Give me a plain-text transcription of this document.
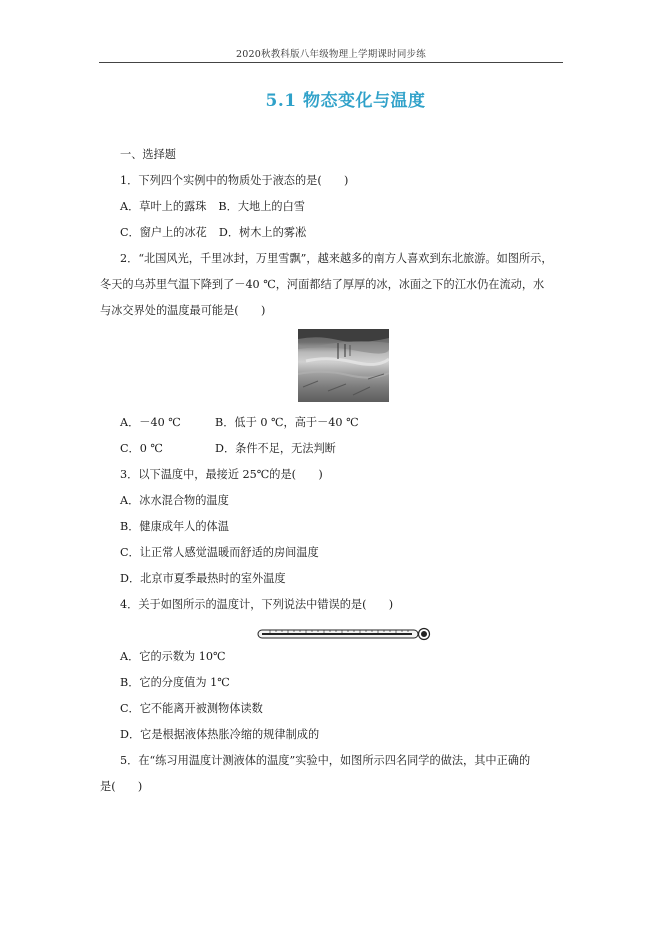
2020秋教科版八年级物理上学期课时同步练
5.1 物态变化与温度
一、选择题
1．下列四个实例中的物质处于液态的是(　　)
A．草叶上的露珠 B．大地上的白雪
C．窗户上的冰花 D．树木上的雾凇
2．“北国风光，千里冰封，万里雪飘”，越来越多的南方人喜欢到东北旅游。如图所示，
冬天的乌苏里气温下降到了－40 ℃，河面都结了厚厚的冰，冰面之下的江水仍在流动，水
与冰交界处的温度最可能是(　　)
A．－40 ℃	B．低于 0 ℃，高于－40 ℃
C．0 ℃	D．条件不足，无法判断
3．以下温度中，最接近 25℃的是(　　)
A．冰水混合物的温度
B．健康成年人的体温
C．让正常人感觉温暖而舒适的房间温度
D．北京市夏季最热时的室外温度
4．关于如图所示的温度计，下列说法中错误的是(　　)
A．它的示数为 10℃
B．它的分度值为 1℃
C．它不能离开被测物体读数
D．它是根据液体热胀冷缩的规律制成的
5．在“练习用温度计测液体的温度”实验中，如图所示四名同学的做法，其中正确的
是(　　)
